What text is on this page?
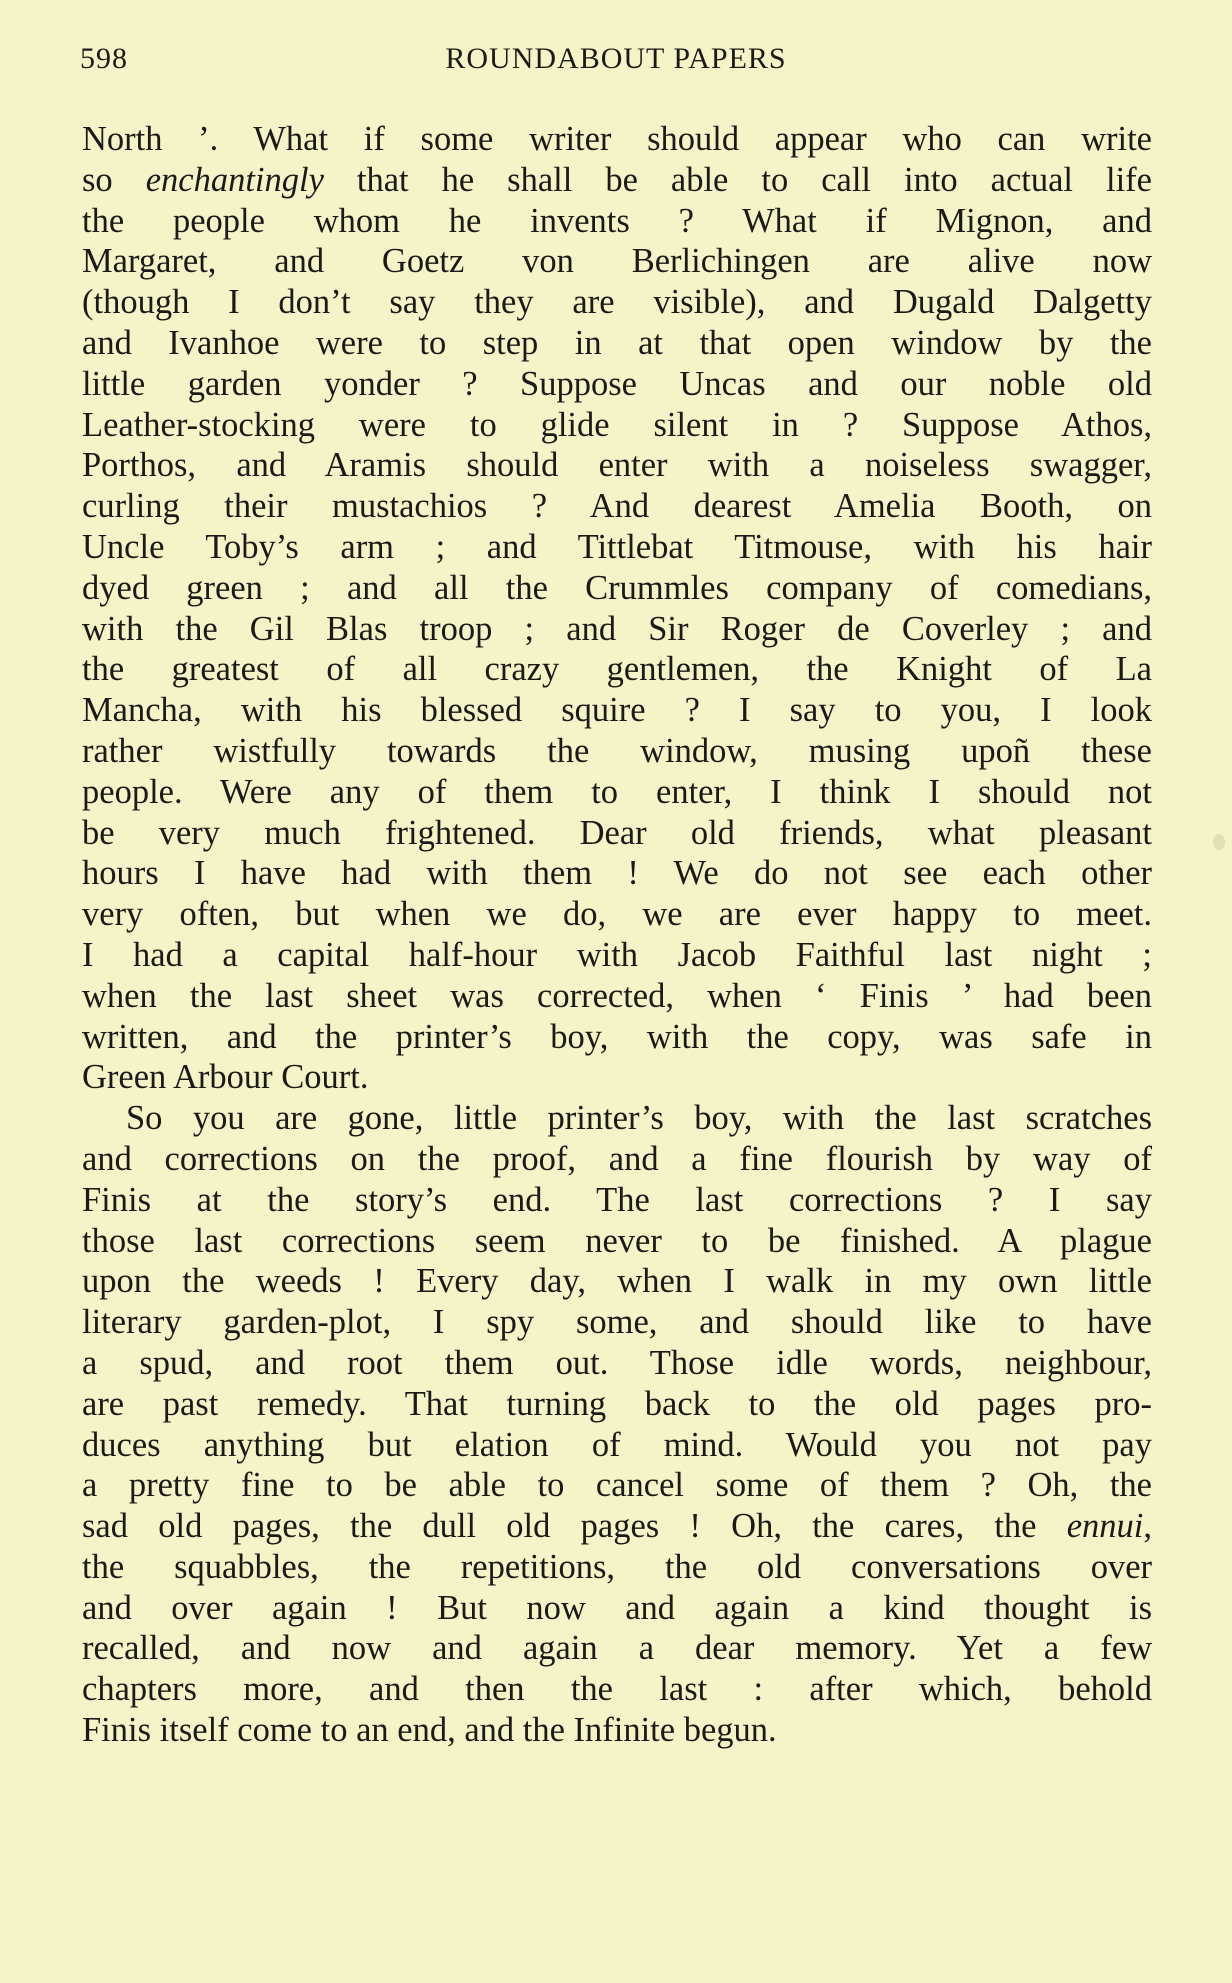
598	ROUNDABOUT PAPERS
North ’. What if some writer should appear who can write
so enchantingly that he shall be able to call into actual life
the people whom he invents ? What if Mignon, and
Margaret, and Goetz von Berlichingen are alive now
(though I don’t say they are visible), and Dugald Dalgetty
and Ivanhoe were to step in at that open window by the
little garden yonder ? Suppose Uncas and our noble old
Leather-stocking were to glide silent in ? Suppose Athos,
Porthos, and Aramis should enter with a noiseless swagger,
curling their mustachios ? And dearest Amelia Booth, on
Uncle Toby’s arm ; and Tittlebat Titmouse, with his hair
dyed green ; and all the Crummles company of comedians,
with the Gil Blas troop ; and Sir Roger de Coverley ; and
the greatest of all crazy gentlemen, the Knight of La
Mancha, with his blessed squire ? I say to you, I look
rather wistfully towards the window, musing upoñ these
people. Were any of them to enter, I think I should not
be very much frightened. Dear old friends, what pleasant
hours I have had with them ! We do not see each other
very often, but when we do, we are ever happy to meet.
I had a capital half-hour with Jacob Faithful last night ;
when the last sheet was corrected, when ‘ Finis ’ had been
written, and the printer’s boy, with the copy, was safe in
Green Arbour Court.
So you are gone, little printer’s boy, with the last scratches
and corrections on the proof, and a fine flourish by way of
Finis at the story’s end. The last corrections ? I say
those last corrections seem never to be finished. A plague
upon the weeds ! Every day, when I walk in my own little
literary garden-plot, I spy some, and should like to have
a spud, and root them out. Those idle words, neighbour,
are past remedy. That turning back to the old pages pro-
duces anything but elation of mind. Would you not pay
a pretty fine to be able to cancel some of them ? Oh, the
sad old pages, the dull old pages ! Oh, the cares, the ennui,
the squabbles, the repetitions, the old conversations over
and over again ! But now and again a kind thought is
recalled, and now and again a dear memory. Yet a few
chapters more, and then the last : after which, behold
Finis itself come to an end, and the Infinite begun.
